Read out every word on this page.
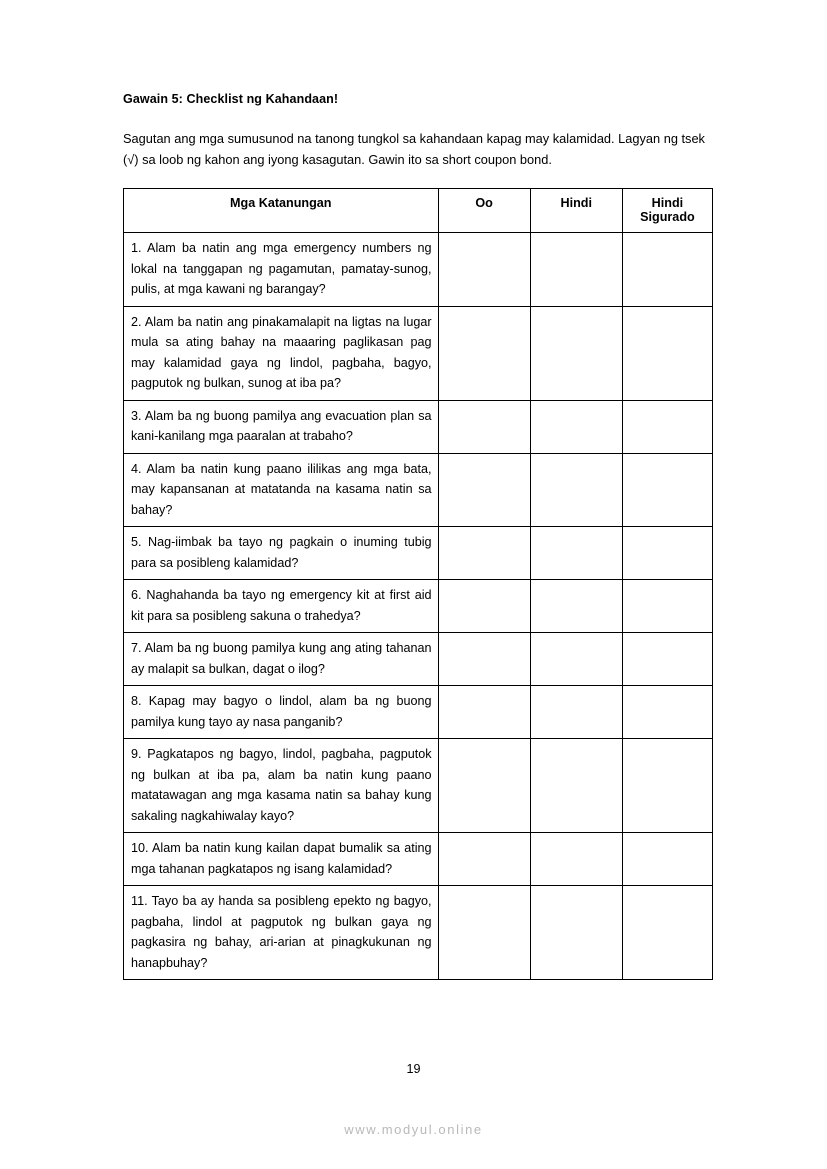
Gawain 5: Checklist ng Kahandaan!

Sagutan ang mga sumusunod na tanong tungkol sa kahandaan kapag may kalamidad. Lagyan ng tsek (√) sa loob ng kahon ang iyong kasagutan. Gawin ito sa short coupon bond.

Mga Katanungan	Oo	Hindi	Hindi Sigurado
1. Alam ba natin ang mga emergency numbers ng lokal na tanggapan ng pagamutan, pamatay-sunog, pulis, at mga kawani ng barangay?			
2. Alam ba natin ang pinakamalapit na ligtas na lugar mula sa ating bahay na maaaring paglikasan pag may kalamidad gaya ng lindol, pagbaha, bagyo, pagputok ng bulkan, sunog at iba pa?			
3. Alam ba ng buong pamilya ang evacuation plan sa kani-kanilang mga paaralan at trabaho?			
4. Alam ba natin kung paano ililikas ang mga bata, may kapansanan at matatanda na kasama natin sa bahay?			
5. Nag-iimbak ba tayo ng pagkain o inuming tubig para sa posibleng kalamidad?			
6. Naghahanda ba tayo ng emergency kit at first aid kit para sa posibleng sakuna o trahedya?			
7. Alam ba ng buong pamilya kung ang ating tahanan ay malapit sa bulkan, dagat o ilog?			
8. Kapag may bagyo o lindol, alam ba ng buong pamilya kung tayo ay nasa panganib?			
9. Pagkatapos ng bagyo, lindol, pagbaha, pagputok ng bulkan at iba pa, alam ba natin kung paano matatawagan ang mga kasama natin sa bahay kung sakaling nagkahiwalay kayo?			
10. Alam ba natin kung kailan dapat bumalik sa ating mga tahanan pagkatapos ng isang kalamidad?			
11. Tayo ba ay handa sa posibleng epekto ng bagyo, pagbaha, lindol at pagputok ng bulkan gaya ng pagkasira ng bahay, ari-arian at pinagkukunan ng hanapbuhay?			
19
www.modyul.online
